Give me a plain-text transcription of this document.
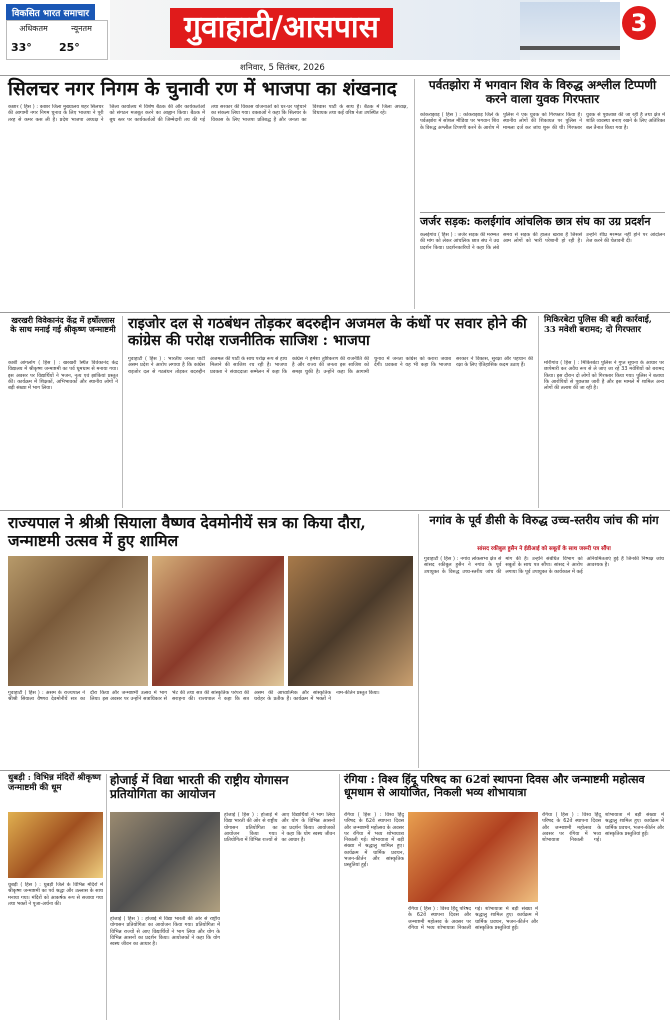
गुवाहाटी/आसपास
विकसित भारत समाचार
अधिकतम
33°
न्यूनतम
25°
3
शनिवार, 5 सितंबर, 2026
सिलचर नगर निगम के चुनावी रण में भाजपा का शंखनाद
कछार ( हिस ) : कछार जिला मुख्यालय शहर सिलचर की आगामी नगर निगम चुनाव के लिए भाजपा ने पूरी तरह से कमर कस ली है। प्रदेश भाजपा अध्यक्ष ने जिला कार्यालय में विशेष बैठक की और कार्यकर्ताओं को संगठन मजबूत करने का आह्वान किया। बैठक में बूथ स्तर पर कार्यकर्ताओं की जिम्मेदारी तय की गई तथा सरकार की विकास योजनाओं को घर-घर पहुंचाने का संकल्प लिया गया। वक्ताओं ने कहा कि सिलचर के विकास के लिए भाजपा प्रतिबद्ध है और जनता का विश्वास पार्टी के साथ है। बैठक में जिला अध्यक्ष, विधायक तथा कई वरिष्ठ नेता उपस्थित रहे।
पर्वतझोरा में भगवान शिव के विरुद्ध अश्लील टिप्पणी करने वाला युवक गिरफ्तार
कोकराझाड़ ( हिस ) : कोकराझाड़ जिले के पर्वतझोरा में सोशल मीडिया पर भगवान शिव के विरुद्ध अश्लील टिप्पणी करने के आरोप में पुलिस ने एक युवक को गिरफ्तार किया है। स्थानीय लोगों की शिकायत पर पुलिस ने मामला दर्ज कर जांच शुरू की थी। गिरफ्तार युवक से पूछताछ की जा रही है तथा क्षेत्र में शांति व्यवस्था बनाए रखने के लिए अतिरिक्त बल तैनात किया गया है।
जर्जर सड़क: कलईगांव आंचलिक छात्र संघ का उग्र प्रदर्शन
कलईगांव ( हिस ) : जर्जर सड़क की मरम्मत की मांग को लेकर आंचलिक छात्र संघ ने उग्र प्रदर्शन किया। प्रदर्शनकारियों ने कहा कि लंबे समय से सड़क की हालत खराब है जिससे आम लोगों को भारी परेशानी हो रही है। उन्होंने शीघ्र मरम्मत नहीं होने पर आंदोलन तेज करने की चेतावनी दी।
खरखरी विवेकानंद केंद्र में हर्षोल्लास के साथ मनाई गई श्रीकृष्ण जन्माष्टमी
कार्बी आंगलोंग ( हिस ) : खरखरी स्थित विवेकानंद केंद्र विद्यालय में श्रीकृष्ण जन्माष्टमी का पर्व धूमधाम से मनाया गया। इस अवसर पर विद्यार्थियों ने भजन, नृत्य एवं झांकियां प्रस्तुत कीं। कार्यक्रम में शिक्षकों, अभिभावकों और स्थानीय लोगों ने बड़ी संख्या में भाग लिया।
राइजोर दल से गठबंधन तोड़कर बदरुद्दीन अजमल के कंधों पर सवार होने की कांग्रेस की परोक्ष राजनीतिक साजिश : भाजपा
गुवाहाटी ( हिस ) : भारतीय जनता पार्टी असम प्रदेश ने आरोप लगाया है कि कांग्रेस राइजोर दल से गठबंधन तोड़कर बदरुद्दीन अजमल की पार्टी के साथ परोक्ष रूप से हाथ मिलाने की साजिश रच रही है। भाजपा प्रवक्ता ने संवाददाता सम्मेलन में कहा कि कांग्रेस ने हमेशा तुष्टिकरण की राजनीति की है और राज्य की जनता इस साजिश को समझ चुकी है। उन्होंने कहा कि आगामी चुनाव में जनता कांग्रेस को करारा जवाब देगी। प्रवक्ता ने यह भी कहा कि भाजपा सरकार ने विकास, सुरक्षा और पहचान की रक्षा के लिए ऐतिहासिक कदम उठाए हैं।
मिकिरबेटा पुलिस की बड़ी कार्रवाई, 33 मवेशी बरामद; दो गिरफ्तार
मोरीगांव ( हिस ) : मिकिरबेटा पुलिस ने गुप्त सूचना के आधार पर छापेमारी कर अवैध रूप से ले जाए जा रहे 33 मवेशियों को बरामद किया। इस दौरान दो लोगों को गिरफ्तार किया गया। पुलिस ने बताया कि आरोपियों से पूछताछ जारी है और इस मामले में शामिल अन्य लोगों की तलाश की जा रही है।
राज्यपाल ने श्रीश्री सियाला वैष्णव देवमोनीयें सत्र का किया दौरा, जन्माष्टमी उत्सव में हुए शामिल
गुवाहाटी ( हिस ) : असम के राज्यपाल ने श्रीश्री सियाला वैष्णव देवमोनीयें सत्र का दौरा किया और जन्माष्टमी उत्सव में भाग लिया। इस अवसर पर उन्होंने सत्राधिकार से भेंट की तथा सत्र की सांस्कृतिक परंपरा की सराहना की। राज्यपाल ने कहा कि सत्र असम की आध्यात्मिक और सांस्कृतिक धरोहर के प्रतीक हैं। कार्यक्रम में भक्तों ने नाम-कीर्तन प्रस्तुत किया।
नगांव के पूर्व डीसी के विरुद्ध उच्च-स्तरीय जांच की मांग
सांसद रकीबुल हुसैन ने ईडीआई को सबूतों के साथ जरूरी पत्र सौंपा
गुवाहाटी ( हिस ) : नगांव लोकसभा क्षेत्र से सांसद रकीबुल हुसैन ने नगांव के पूर्व उपायुक्त के विरुद्ध उच्च-स्तरीय जांच की मांग की है। उन्होंने संबंधित विभाग को सबूतों के साथ पत्र सौंपा। सांसद ने आरोप लगाया कि पूर्व उपायुक्त के कार्यकाल में कई अनियमितताएं हुई हैं जिनकी निष्पक्ष जांच आवश्यक है।
धुबड़ी : विभिन्न मंदिरों श्रीकृष्ण जन्माष्टमी की धूम
धुबड़ी ( हिस ) : धुबड़ी जिले के विभिन्न मंदिरों में श्रीकृष्ण जन्माष्टमी का पर्व श्रद्धा और उल्लास के साथ मनाया गया। मंदिरों को आकर्षक रूप से सजाया गया तथा भक्तों ने पूजा-अर्चना की।
होजाई में विद्या भारती की राष्ट्रीय योगासन प्रतियोगिता का आयोजन
होजाई ( हिस ) : होजाई में विद्या भारती की ओर से राष्ट्रीय योगासन प्रतियोगिता का आयोजन किया गया। प्रतियोगिता में विभिन्न राज्यों से आए विद्यार्थियों ने भाग लिया और योग के विभिन्न आसनों का प्रदर्शन किया। आयोजकों ने कहा कि योग स्वस्थ जीवन का आधार है।
होजाई ( हिस ) : होजाई में विद्या भारती की ओर से राष्ट्रीय योगासन प्रतियोगिता का आयोजन किया गया। प्रतियोगिता में विभिन्न राज्यों से आए विद्यार्थियों ने भाग लिया और योग के विभिन्न आसनों का प्रदर्शन किया। आयोजकों ने कहा कि योग स्वस्थ जीवन का आधार है।
रंगिया : विश्व हिंदू परिषद का 62वां स्थापना दिवस और जन्माष्टमी महोत्सव धूमधाम से आयोजित, निकली भव्य शोभायात्रा
रंगिया ( हिस ) : विश्व हिंदू परिषद के 62वें स्थापना दिवस और जन्माष्टमी महोत्सव के अवसर पर रंगिया में भव्य शोभायात्रा निकाली गई। शोभायात्रा में बड़ी संख्या में श्रद्धालु शामिल हुए। कार्यक्रम में धार्मिक प्रवचन, भजन-कीर्तन और सांस्कृतिक प्रस्तुतियां हुईं।
रंगिया ( हिस ) : विश्व हिंदू परिषद के 62वें स्थापना दिवस और जन्माष्टमी महोत्सव के अवसर पर रंगिया में भव्य शोभायात्रा निकाली गई। शोभायात्रा में बड़ी संख्या में श्रद्धालु शामिल हुए। कार्यक्रम में धार्मिक प्रवचन, भजन-कीर्तन और सांस्कृतिक प्रस्तुतियां हुईं।
रंगिया ( हिस ) : विश्व हिंदू परिषद के 62वें स्थापना दिवस और जन्माष्टमी महोत्सव के अवसर पर रंगिया में भव्य शोभायात्रा निकाली गई। शोभायात्रा में बड़ी संख्या में श्रद्धालु शामिल हुए। कार्यक्रम में धार्मिक प्रवचन, भजन-कीर्तन और सांस्कृतिक प्रस्तुतियां हुईं।
